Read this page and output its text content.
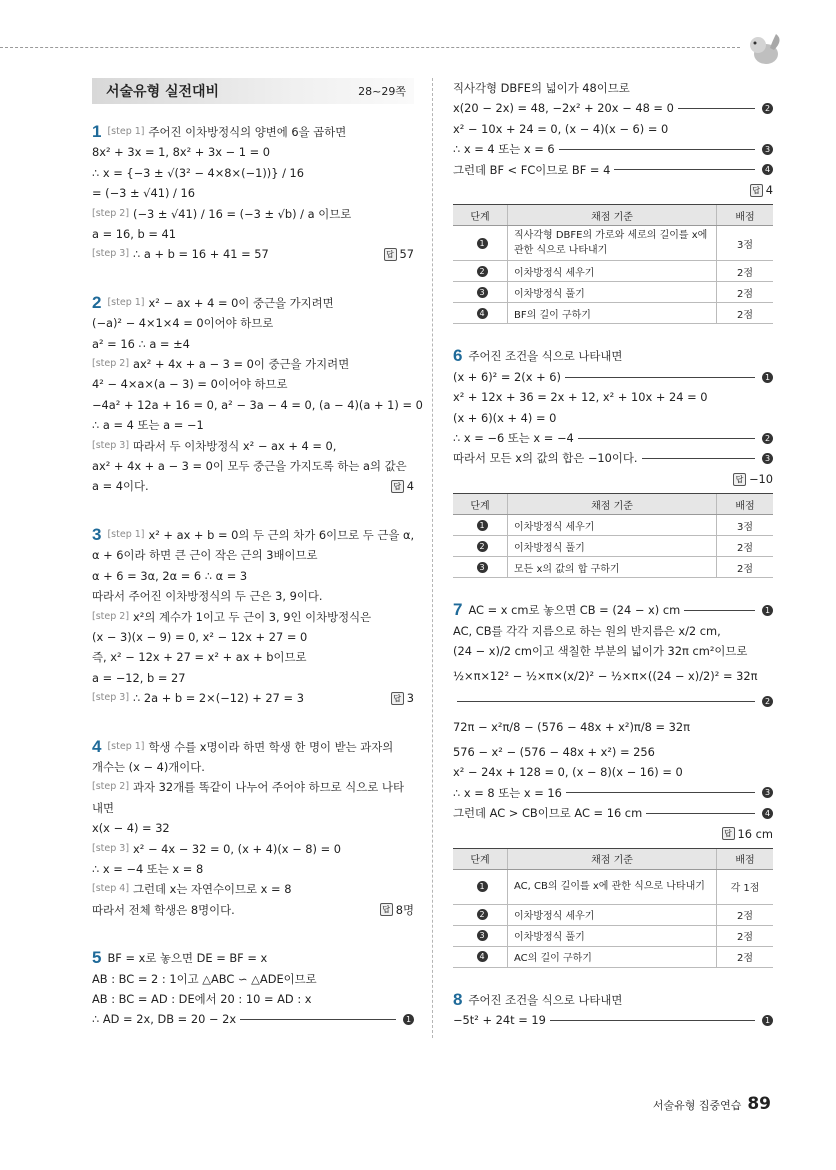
서술유형 실전대비	28~29쪽
1 [step 1] 주어진 이차방정식의 양변에 6을 곱하면
8x² + 3x = 1, 8x² + 3x − 1 = 0
∴ x = {−3 ± √(3² − 4×8×(−1))} / 16
= (−3 ± √41) / 16
[step 2] (−3 ± √41) / 16 = (−3 ± √b) / a 이므로
a = 16, b = 41
[step 3] ∴ a + b = 16 + 41 = 57	답 57
2 [step 1] x² − ax + 4 = 0이 중근을 가지려면
(−a)² − 4×1×4 = 0이어야 하므로
a² = 16 ∴ a = ±4
[step 2] ax² + 4x + a − 3 = 0이 중근을 가지려면
4² − 4×a×(a − 3) = 0이어야 하므로
−4a² + 12a + 16 = 0, a² − 3a − 4 = 0, (a − 4)(a + 1) = 0
∴ a = 4 또는 a = −1
[step 3] 따라서 두 이차방정식 x² − ax + 4 = 0,
ax² + 4x + a − 3 = 0이 모두 중근을 가지도록 하는 a의 값은
a = 4이다.	답 4
3 [step 1] x² + ax + b = 0의 두 근의 차가 6이므로 두 근을 α,
α + 6이라 하면 큰 근이 작은 근의 3배이므로
α + 6 = 3α, 2α = 6 ∴ α = 3
따라서 주어진 이차방정식의 두 근은 3, 9이다.
[step 2] x²의 계수가 1이고 두 근이 3, 9인 이차방정식은
(x − 3)(x − 9) = 0, x² − 12x + 27 = 0
즉, x² − 12x + 27 = x² + ax + b이므로
a = −12, b = 27
[step 3] ∴ 2a + b = 2×(−12) + 27 = 3	답 3
4 [step 1] 학생 수를 x명이라 하면 학생 한 명이 받는 과자의
개수는 (x − 4)개이다.
[step 2] 과자 32개를 똑같이 나누어 주어야 하므로 식으로 나타
내면
x(x − 4) = 32
[step 3] x² − 4x − 32 = 0, (x + 4)(x − 8) = 0
∴ x = −4 또는 x = 8
[step 4] 그런데 x는 자연수이므로 x = 8
따라서 전체 학생은 8명이다.	답 8명
5 BF = x로 놓으면 DE = BF = x
AB : BC = 2 : 1이고 △ABC ∽ △ADE이므로
AB : BC = AD : DE에서 20 : 10 = AD : x
∴ AD = 2x, DB = 20 − 2x	1
직사각형 DBFE의 넓이가 48이므로
x(20 − 2x) = 48, −2x² + 20x − 48 = 0	2
x² − 10x + 24 = 0, (x − 4)(x − 6) = 0
∴ x = 4 또는 x = 6	3
그런데 BF < FC이므로 BF = 4	4
답 4
단계	채점 기준	배점
1	직사각형 DBFE의 가로와 세로의 길이를 x에 관한 식으로 나타내기	3점
2	이차방정식 세우기	2점
3	이차방정식 풀기	2점
4	BF의 길이 구하기	2점
6 주어진 조건을 식으로 나타내면
(x + 6)² = 2(x + 6)	1
x² + 12x + 36 = 2x + 12, x² + 10x + 24 = 0
(x + 6)(x + 4) = 0
∴ x = −6 또는 x = −4	2
따라서 모든 x의 값의 합은 −10이다.	3
답 −10
단계	채점 기준	배점
1	이차방정식 세우기	3점
2	이차방정식 풀기	2점
3	모든 x의 값의 합 구하기	2점
7 AC = x cm로 놓으면 CB = (24 − x) cm	1
AC, CB를 각각 지름으로 하는 원의 반지름은 x/2 cm,
(24 − x)/2 cm이고 색칠한 부분의 넓이가 32π cm²이므로
½×π×12² − ½×π×(x/2)² − ½×π×((24 − x)/2)² = 32π
2
72π − x²π/8 − (576 − 48x + x²)π/8 = 32π
576 − x² − (576 − 48x + x²) = 256
x² − 24x + 128 = 0, (x − 8)(x − 16) = 0
∴ x = 8 또는 x = 16	3
그런데 AC > CB이므로 AC = 16 cm	4
답 16 cm
단계	채점 기준	배점
1	AC, CB의 길이를 x에 관한 식으로 나타내기	각 1점
2	이차방정식 세우기	2점
3	이차방정식 풀기	2점
4	AC의 길이 구하기	2점
8 주어진 조건을 식으로 나타내면
−5t² + 24t = 19	1
서술유형 집중연습 89
